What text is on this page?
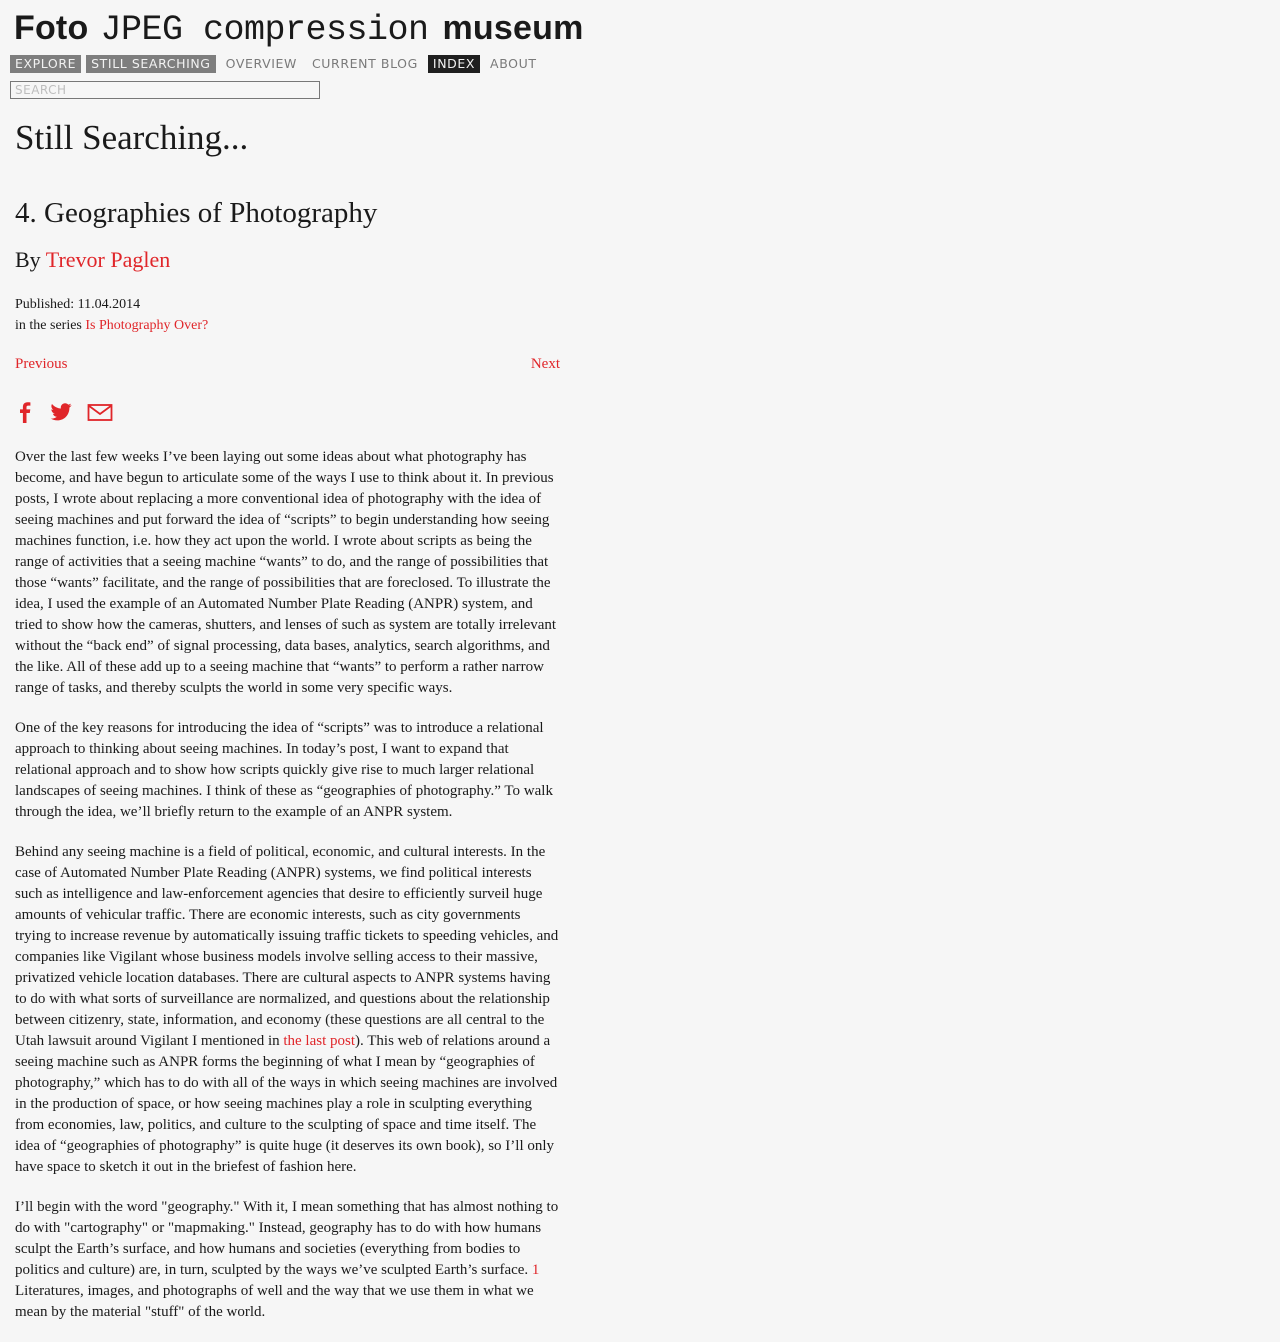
Foto JPEG compression museum
EXPLORE	STILL SEARCHING	OVERVIEW	CURRENT BLOG	INDEX	ABOUT
SEARCH
Still Searching...
4. Geographies of Photography
By Trevor Paglen
Published: 11.04.2014
in the series Is Photography Over?
Previous	Next

Over the last few weeks I’ve been laying out some ideas about what photography has become, and have begun to articulate some of the ways I use to think about it. In previous posts, I wrote about replacing a more conventional idea of photography with the idea of seeing machines and put forward the idea of “scripts” to begin understanding how seeing machines function, i.e. how they act upon the world. I wrote about scripts as being the range of activities that a seeing machine “wants” to do, and the range of possibilities that those “wants” facilitate, and the range of possibilities that are foreclosed. To illustrate the idea, I used the example of an Automated Number Plate Reading (ANPR) system, and tried to show how the cameras, shutters, and lenses of such as system are totally irrelevant without the “back end” of signal processing, data bases, analytics, search algorithms, and the like. All of these add up to a seeing machine that “wants” to perform a rather narrow range of tasks, and thereby sculpts the world in some very specific ways.

One of the key reasons for introducing the idea of “scripts” was to introduce a relational approach to thinking about seeing machines. In today’s post, I want to expand that relational approach and to show how scripts quickly give rise to much larger relational landscapes of seeing machines. I think of these as “geographies of photography.” To walk through the idea, we’ll briefly return to the example of an ANPR system.

Behind any seeing machine is a field of political, economic, and cultural interests. In the case of Automated Number Plate Reading (ANPR) systems, we find political interests such as intelligence and law-enforcement agencies that desire to efficiently surveil huge amounts of vehicular traffic. There are economic interests, such as city governments trying to increase revenue by automatically issuing traffic tickets to speeding vehicles, and companies like Vigilant whose business models involve selling access to their massive, privatized vehicle location databases. There are cultural aspects to ANPR systems having to do with what sorts of surveillance are normalized, and questions about the relationship between citizenry, state, information, and economy (these questions are all central to the Utah lawsuit around Vigilant I mentioned in the last post). This web of relations around a seeing machine such as ANPR forms the beginning of what I mean by “geographies of photography,” which has to do with all of the ways in which seeing machines are involved in the production of space, or how seeing machines play a role in sculpting everything from economies, law, politics, and culture to the sculpting of space and time itself. The idea of “geographies of photography” is quite huge (it deserves its own book), so I’ll only have space to sketch it out in the briefest of fashion here.

I’ll begin with the word "geography." With it, I mean something that has almost nothing to do with "cartography" or "mapmaking." Instead, geography has to do with how humans sculpt the Earth’s surface, and how humans and societies (everything from bodies to politics and culture) are, in turn, sculpted by the ways we’ve sculpted Earth’s surface. 1
Literatures, images, and photographs of well and the way that we use them in what we mean by the material "stuff" of the world.
